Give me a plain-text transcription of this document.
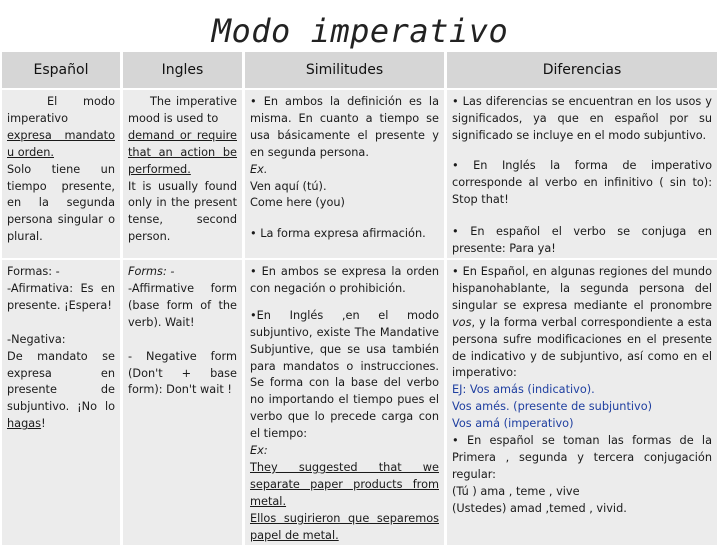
Modo imperativo
Español

El modo imperativo

expresa mandato u orden.

Solo tiene un tiempo presente, en la segunda persona singular o plural.

Formas: -

-Afirmativa: Es en presente. ¡Espera!

-Negativa:

De mandato se expresa en presente de subjuntivo. ¡No lo hagas!

Ingles

The imperative mood is used to

demand or require that an action be performed.

It is usually found only in the present tense, second person.

Forms: -

-Affirmative form (base form of the verb). Wait!

- Negative form (Don't + base form): Don't wait !

Similitudes

• En ambos la definición es la misma. En cuanto a tiempo se usa básicamente el presente y en segunda persona.

Ex.

Ven aquí (tú).

Come here (you)

• La forma expresa afirmación.

• En ambos se expresa la orden con negación o prohibición.

•En Inglés ,en el modo subjuntivo, existe The Mandative Subjuntive, que se usa también para mandatos o instrucciones. Se forma con la base del verbo no importando el tiempo pues el verbo que lo precede carga con el tiempo:

Ex:

They suggested that we separate paper products from metal.

Ellos sugirieron que separemos papel de metal.

Diferencias

• Las diferencias se encuentran en los usos y significados, ya que en español por su significado se incluye en el modo subjuntivo.

• En Inglés la forma de imperativo corresponde al verbo en infinitivo ( sin to): Stop that!

• En español el verbo se conjuga en presente: Para ya!

• En Español, en algunas regiones del mundo hispanohablante, la segunda persona del singular se expresa mediante el pronombre vos, y la forma verbal correspondiente a esta persona sufre modificaciones en el presente de indicativo y de subjuntivo, así como en el imperativo:

EJ: Vos amás (indicativo).

Vos amés. (presente de subjuntivo)

Vos amá (imperativo)

• En español se toman las formas de la Primera , segunda y tercera conjugación regular:

(Tú ) ama , teme , vive

(Ustedes) amad ,temed , vivid.
